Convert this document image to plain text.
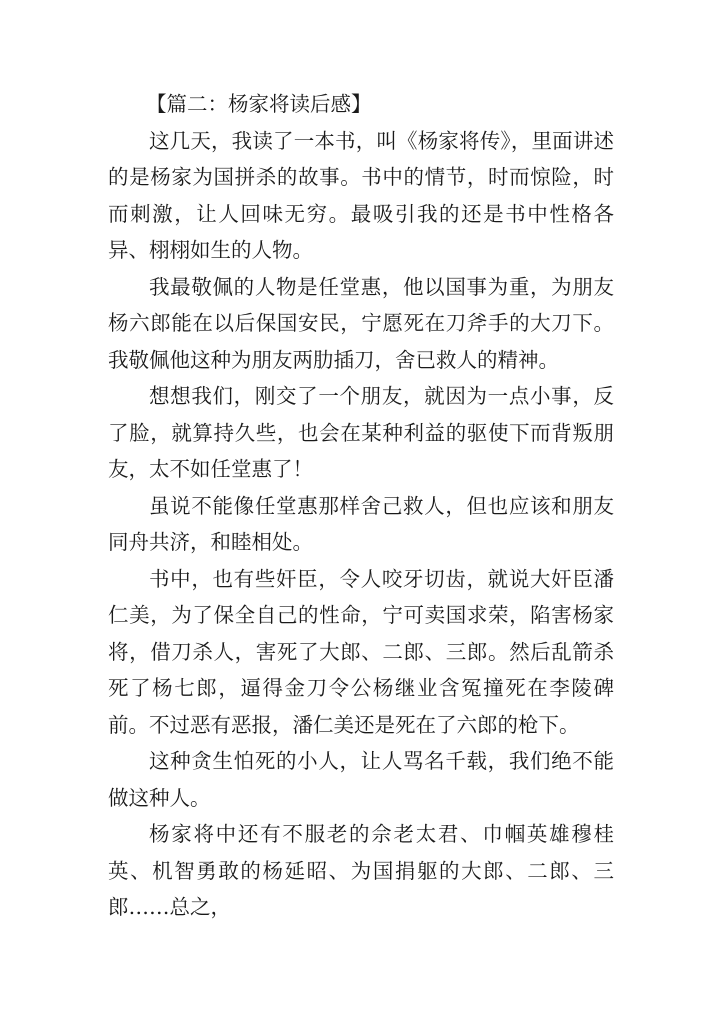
【篇二：杨家将读后感】

这几天，我读了一本书，叫《杨家将传》，里面讲述的是杨家为国拼杀的故事。书中的情节，时而惊险，时而刺激，让人回味无穷。最吸引我的还是书中性格各异、栩栩如生的人物。

我最敬佩的人物是任堂惠，他以国事为重，为朋友杨六郎能在以后保国安民，宁愿死在刀斧手的大刀下。我敬佩他这种为朋友两肋插刀，舍已救人的精神。

想想我们，刚交了一个朋友，就因为一点小事，反了脸，就算持久些，也会在某种利益的驱使下而背叛朋友，太不如任堂惠了！

虽说不能像任堂惠那样舍己救人，但也应该和朋友同舟共济，和睦相处。

书中，也有些奸臣，令人咬牙切齿，就说大奸臣潘仁美，为了保全自己的性命，宁可卖国求荣，陷害杨家将，借刀杀人，害死了大郎、二郎、三郎。然后乱箭杀死了杨七郎，逼得金刀令公杨继业含冤撞死在李陵碑前。不过恶有恶报，潘仁美还是死在了六郎的枪下。

这种贪生怕死的小人，让人骂名千载，我们绝不能做这种人。

杨家将中还有不服老的佘老太君、巾帼英雄穆桂英、机智勇敢的杨延昭、为国捐躯的大郎、二郎、三郎……总之，
